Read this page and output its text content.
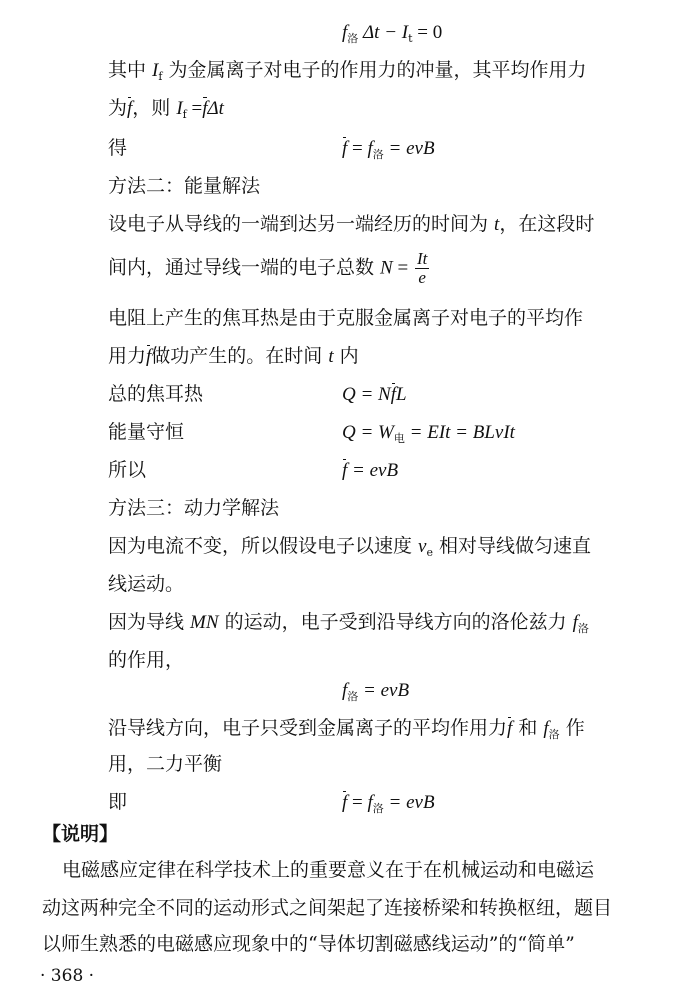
$f_洛$ $\Delta t - I_t = 0$
其中 $I_f$ 为金属离子对电子的作用力的冲量，其平均作用力
为f，则 $I_f =f\Delta t$
得	$f = f_洛$ = evB
方法二：能量解法
设电子从导线的一端到达另一端经历的时间为 t，在这段时
间内，通过导线一端的电子总数 $N = \frac{It}{e}$
电阻上产生的焦耳热是由于克服金属离子对电子的平均作
用力f做功产生的。在时间 t 内
总的焦耳热	Q = NfL
能量守恒	$Q = W_电$ = EIt = BLvIt
所以	f = evB
方法三：动力学解法
因为电流不变，所以假设电子以速度 $v_e$ 相对导线做匀速直
线运动。
因为导线 MN 的运动，电子受到沿导线方向的洛伦兹力 $f_洛$
的作用，
$f_洛$ = evB
沿导线方向，电子只受到金属离子的平均作用力f 和 $f_洛$ 作
用，二力平衡
即	$f = f_洛$ = evB
【说明】
电磁感应定律在科学技术上的重要意义在于在机械运动和电磁运
动这两种完全不同的运动形式之间架起了连接桥梁和转换枢纽，题目
以师生熟悉的电磁感应现象中的“导体切割磁感线运动”的“简单”
· 368 ·
